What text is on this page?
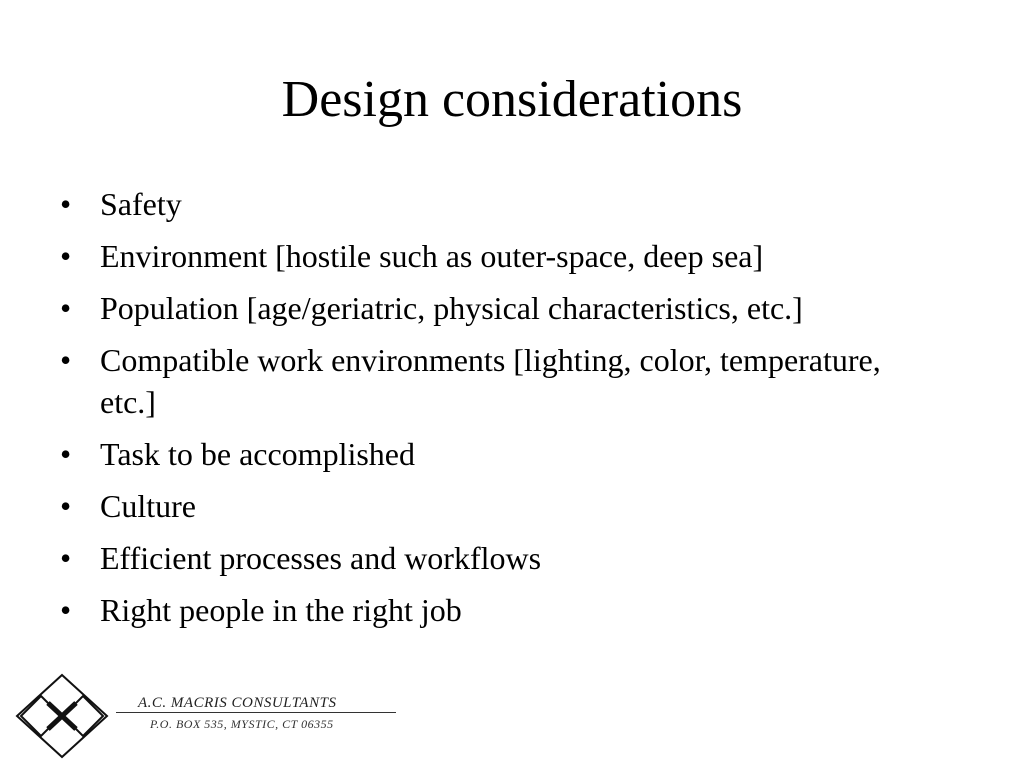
Design considerations
• Safety
• Environment [hostile such as outer-space, deep sea]
• Population [age/geriatric, physical characteristics, etc.]
• Compatible work environments [lighting, color, temperature, etc.]
• Task to be accomplished
• Culture
• Efficient processes and workflows
• Right people in the right job
A.C. MACRIS CONSULTANTS
P.O. BOX 535, MYSTIC, CT 06355
